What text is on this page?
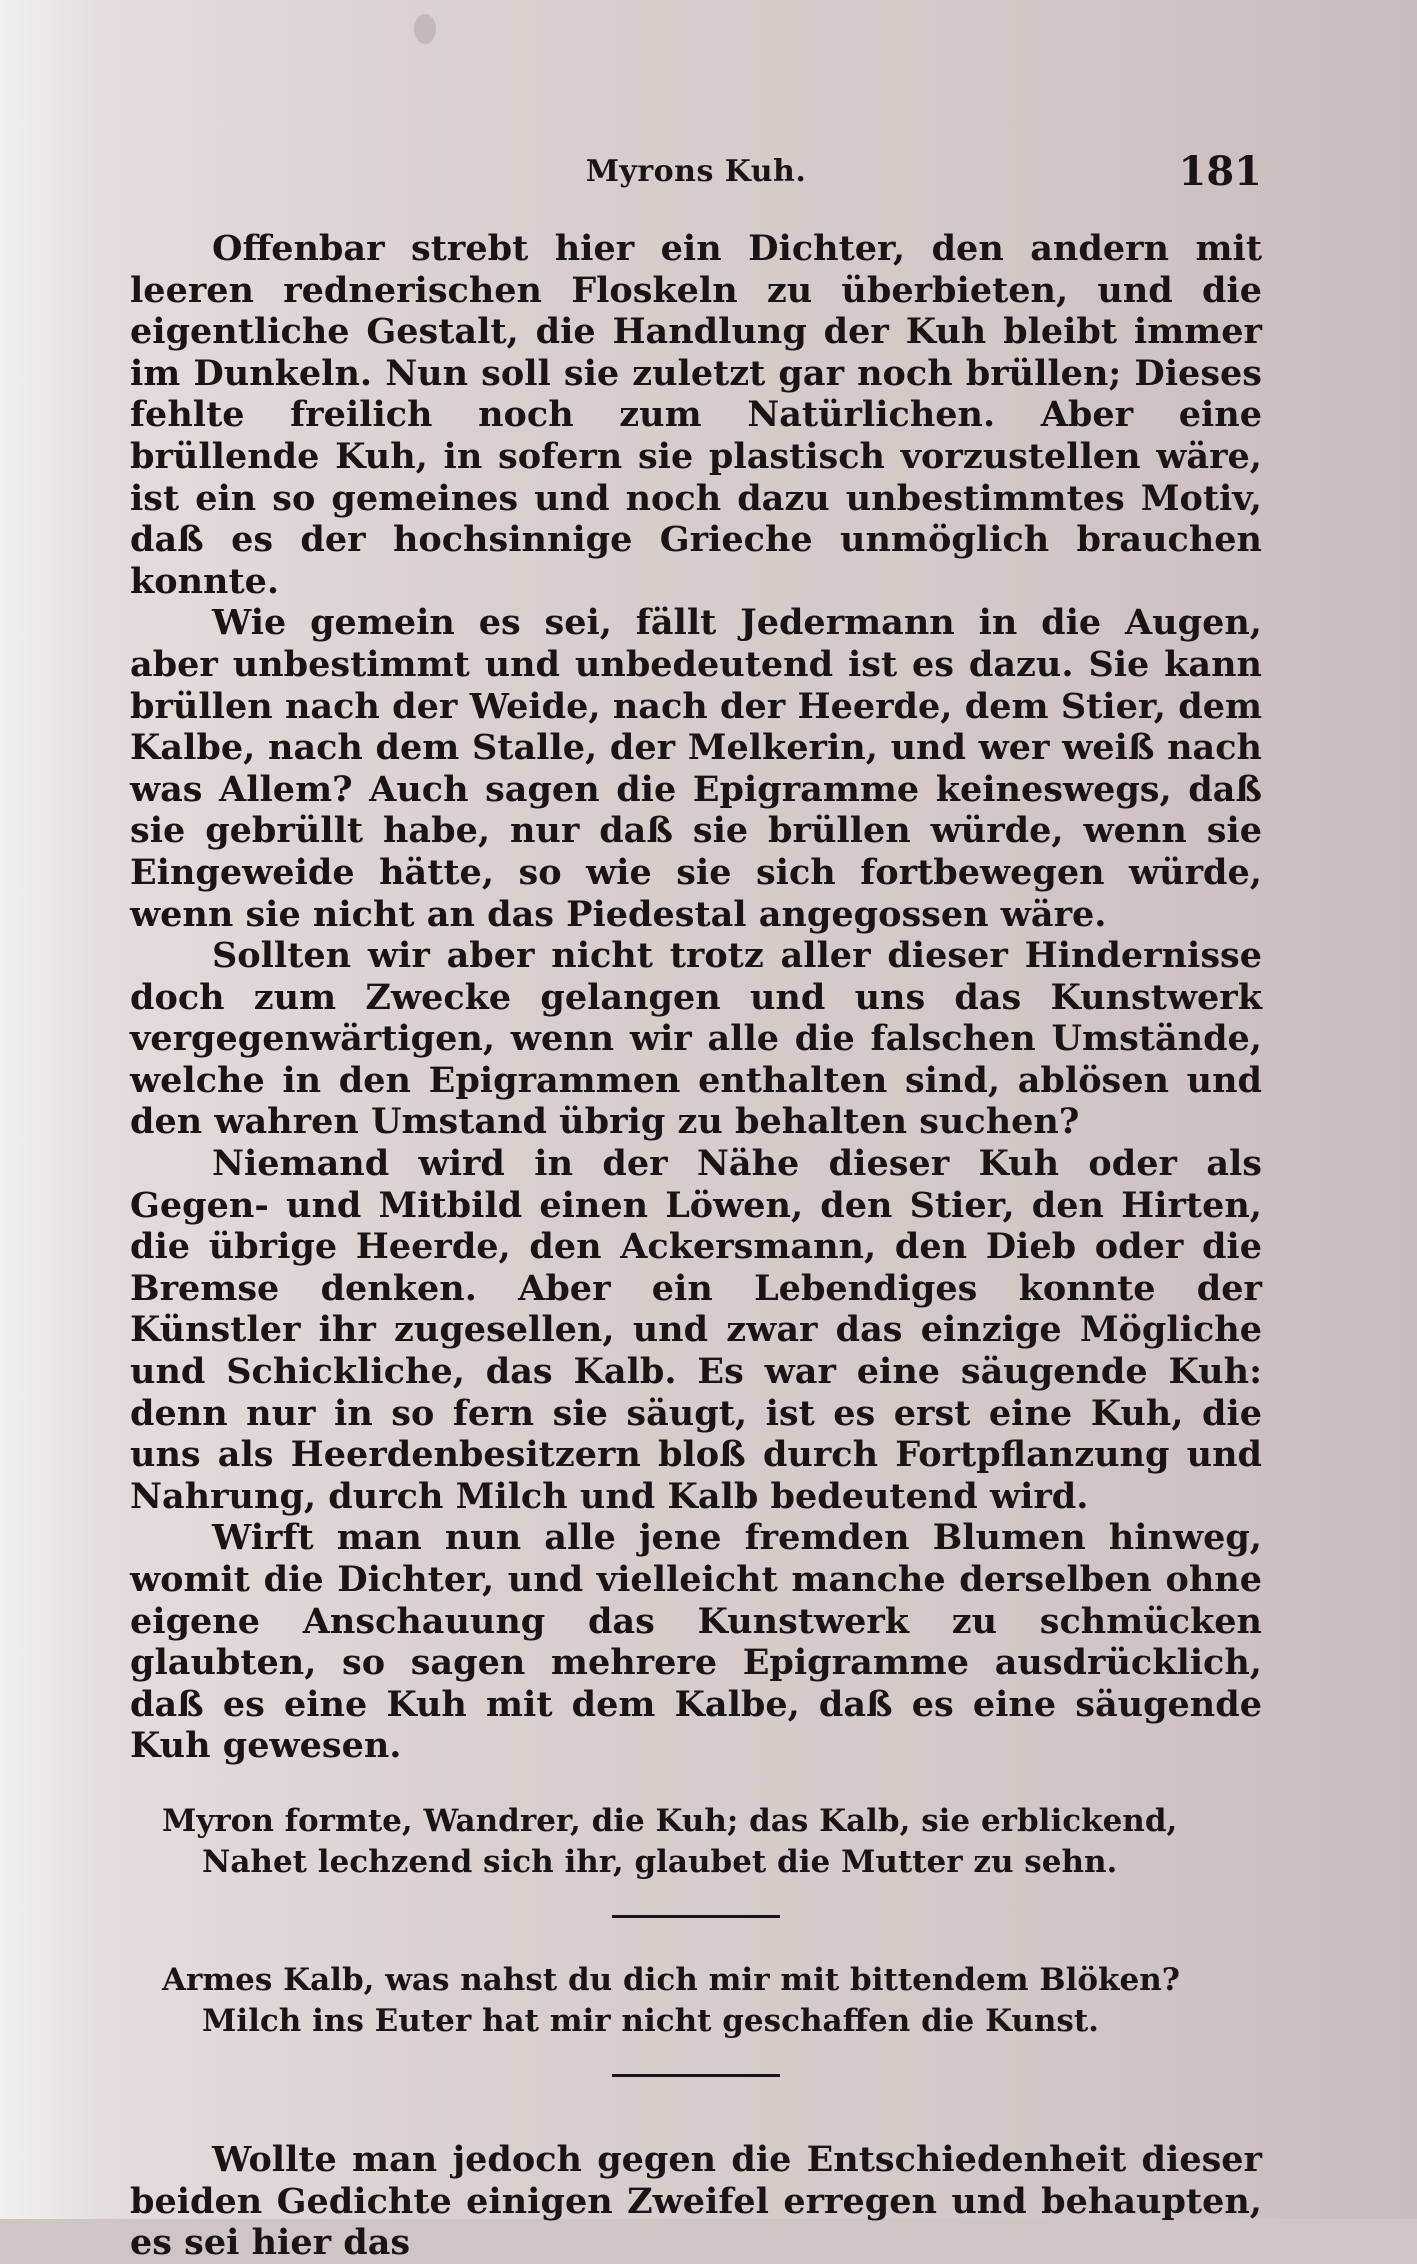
Myrons Kuh.	181

Offenbar strebt hier ein Dichter, den andern mit leeren rednerischen Floskeln zu überbieten, und die eigentliche Gestalt, die Handlung der Kuh bleibt immer im Dunkeln. Nun soll sie zuletzt gar noch brüllen; Dieses fehlte freilich noch zum Natürlichen. Aber eine brüllende Kuh, in sofern sie plastisch vorzustellen wäre, ist ein so gemeines und noch dazu unbestimmtes Motiv, daß es der hochsinnige Grieche unmöglich brauchen konnte.

Wie gemein es sei, fällt Jedermann in die Augen, aber unbestimmt und unbedeutend ist es dazu. Sie kann brüllen nach der Weide, nach der Heerde, dem Stier, dem Kalbe, nach dem Stalle, der Melkerin, und wer weiß nach was Allem? Auch sagen die Epigramme keineswegs, daß sie gebrüllt habe, nur daß sie brüllen würde, wenn sie Eingeweide hätte, so wie sie sich fortbewegen würde, wenn sie nicht an das Piedestal angegossen wäre.

Sollten wir aber nicht trotz aller dieser Hindernisse doch zum Zwecke gelangen und uns das Kunstwerk vergegenwärtigen, wenn wir alle die falschen Umstände, welche in den Epigrammen enthalten sind, ablösen und den wahren Umstand übrig zu behalten suchen?

Niemand wird in der Nähe dieser Kuh oder als Gegen- und Mitbild einen Löwen, den Stier, den Hirten, die übrige Heerde, den Ackersmann, den Dieb oder die Bremse denken. Aber ein Lebendiges konnte der Künstler ihr zugesellen, und zwar das einzige Mögliche und Schickliche, das Kalb. Es war eine säugende Kuh: denn nur in so fern sie säugt, ist es erst eine Kuh, die uns als Heerdenbesitzern bloß durch Fortpflanzung und Nahrung, durch Milch und Kalb bedeutend wird.

Wirft man nun alle jene fremden Blumen hinweg, womit die Dichter, und vielleicht manche derselben ohne eigene Anschauung das Kunstwerk zu schmücken glaubten, so sagen mehrere Epigramme ausdrücklich, daß es eine Kuh mit dem Kalbe, daß es eine säugende Kuh gewesen.

Myron formte, Wandrer, die Kuh; das Kalb, sie erblickend,
Nahet lechzend sich ihr, glaubet die Mutter zu sehn.
Armes Kalb, was nahst du dich mir mit bittendem Blöken?
Milch ins Euter hat mir nicht geschaffen die Kunst.

Wollte man jedoch gegen die Entschiedenheit dieser beiden Gedichte einigen Zweifel erregen und behaupten, es sei hier das
